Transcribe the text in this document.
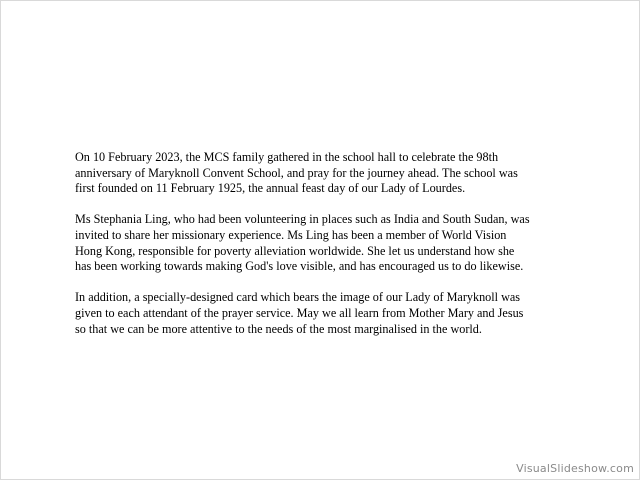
On 10 February 2023, the MCS family gathered in the school hall to celebrate the 98th
anniversary of Maryknoll Convent School, and pray for the journey ahead. The school was
first founded on 11 February 1925, the annual feast day of our Lady of Lourdes.

Ms Stephania Ling, who had been volunteering in places such as India and South Sudan, was
invited to share her missionary experience. Ms Ling has been a member of World Vision
Hong Kong, responsible for poverty alleviation worldwide. She let us understand how she
has been working towards making God's love visible, and has encouraged us to do likewise.

In addition, a specially-designed card which bears the image of our Lady of Maryknoll was
given to each attendant of the prayer service. May we all learn from Mother Mary and Jesus
so that we can be more attentive to the needs of the most marginalised in the world.

VisualSlideshow.com
